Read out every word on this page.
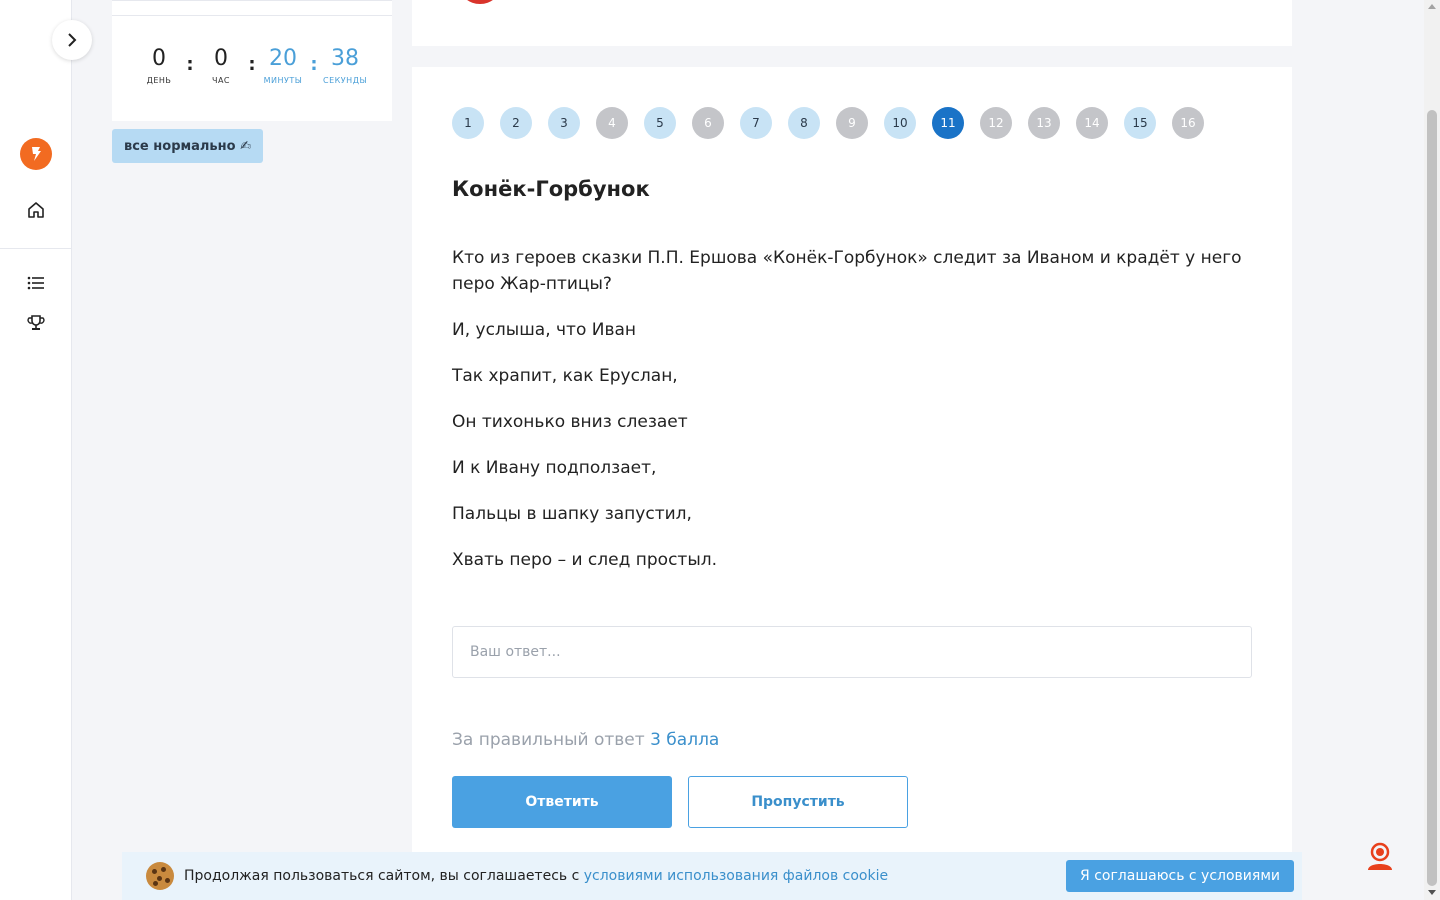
0
ДЕНЬ
: 0
ЧАС
: 20
МИНУТЫ
: 38
СЕКУНДЫ
все нормально ✍
1	2	3	4	5	6	7	8	9	10	11	12	13	14	15	16
Конёк-Горбунок

Кто из героев сказки П.П. Ершова «Конёк-Горбунок» следит за Иваном и крадёт у него перо Жар-птицы?

И, услыша, что Иван

Так храпит, как Еруслан,

Он тихонько вниз слезает

И к Ивану подползает,

Пальцы в шапку запустил,

Хвать перо – и след простыл.

Ваш ответ...
За правильный ответ 3 балла
Ответить	Пропустить
Продолжая пользоваться сайтом, вы соглашаетесь с условиями использования файлов cookie	Я соглашаюсь с условиями
